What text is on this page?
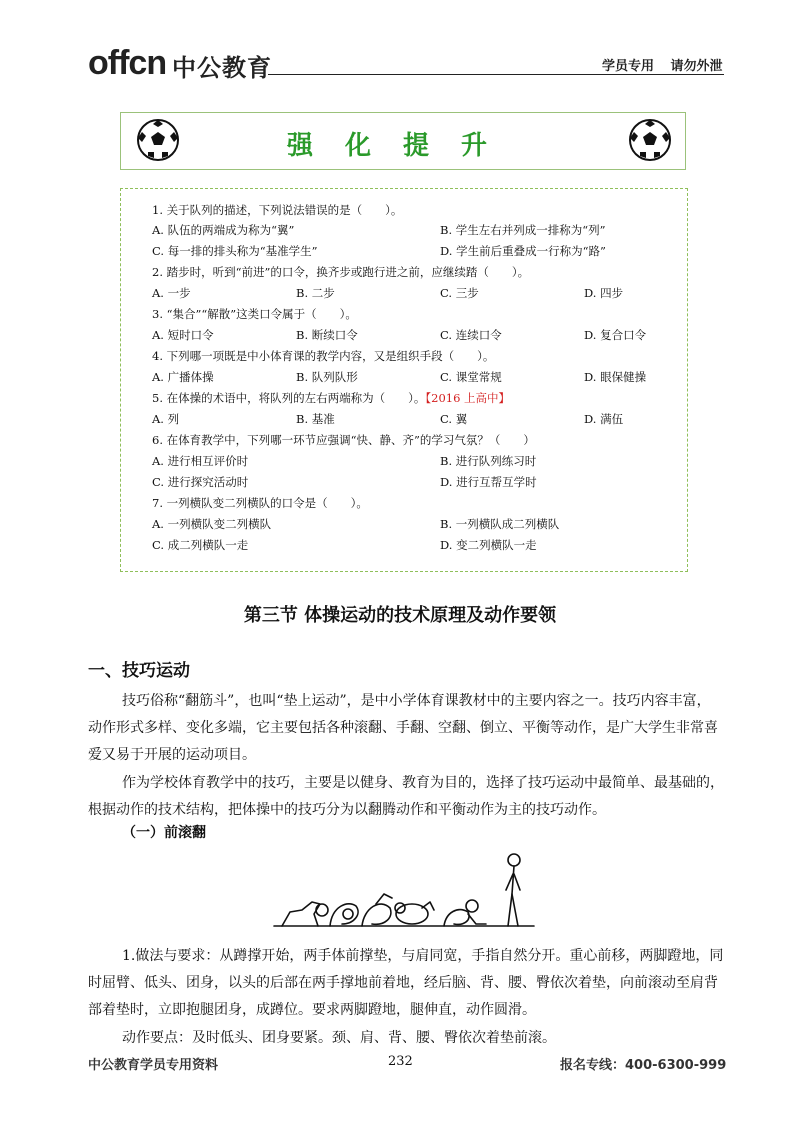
offcn 中公教育	学员专用 请勿外泄
强化提升
1. 关于队列的描述，下列说法错误的是（　　）。
A. 队伍的两端成为称为“翼”	B. 学生左右并列成一排称为“列”
C. 每一排的排头称为“基准学生”	D. 学生前后重叠成一行称为“路”
2. 踏步时，听到“前进”的口令，换齐步或跑行进之前，应继续踏（　　）。
A. 一步	B. 二步	C. 三步	D. 四步
3. “集合”“解散”这类口令属于（　　）。
A. 短时口令	B. 断续口令	C. 连续口令	D. 复合口令
4. 下列哪一项既是中小体育课的教学内容，又是组织手段（　　）。
A. 广播体操	B. 队列队形	C. 课堂常规	D. 眼保健操
5. 在体操的术语中，将队列的左右两端称为（　　）。【2016 上高中】
A. 列	B. 基准	C. 翼	D. 满伍
6. 在体育教学中，下列哪一环节应强调“快、静、齐”的学习气氛？（　　）
A. 进行相互评价时	B. 进行队列练习时
C. 进行探究活动时	D. 进行互帮互学时
7. 一列横队变二列横队的口令是（　　）。
A. 一列横队变二列横队	B. 一列横队成二列横队
C. 成二列横队一走	D. 变二列横队一走
第三节 体操运动的技术原理及动作要领
一、技巧运动
技巧俗称“翻筋斗”，也叫“垫上运动”，是中小学体育课教材中的主要内容之一。技巧内容丰富，
动作形式多样、变化多端，它主要包括各种滚翻、手翻、空翻、倒立、平衡等动作，是广大学生非常喜
爱又易于开展的运动项目。
作为学校体育教学中的技巧，主要是以健身、教育为目的，选择了技巧运动中最简单、最基础的，
根据动作的技术结构，把体操中的技巧分为以翻腾动作和平衡动作为主的技巧动作。
（一）前滚翻
1.做法与要求：从蹲撑开始，两手体前撑垫，与肩同宽，手指自然分开。重心前移，两脚蹬地，同
时屈臂、低头、团身，以头的后部在两手撑地前着地，经后脑、背、腰、臀依次着垫，向前滚动至肩背
部着垫时，立即抱腿团身，成蹲位。要求两脚蹬地，腿伸直，动作圆滑。
动作要点：及时低头、团身要紧。颈、肩、背、腰、臀依次着垫前滚。
中公教育学员专用资料	232	报名专线：400-6300-999
